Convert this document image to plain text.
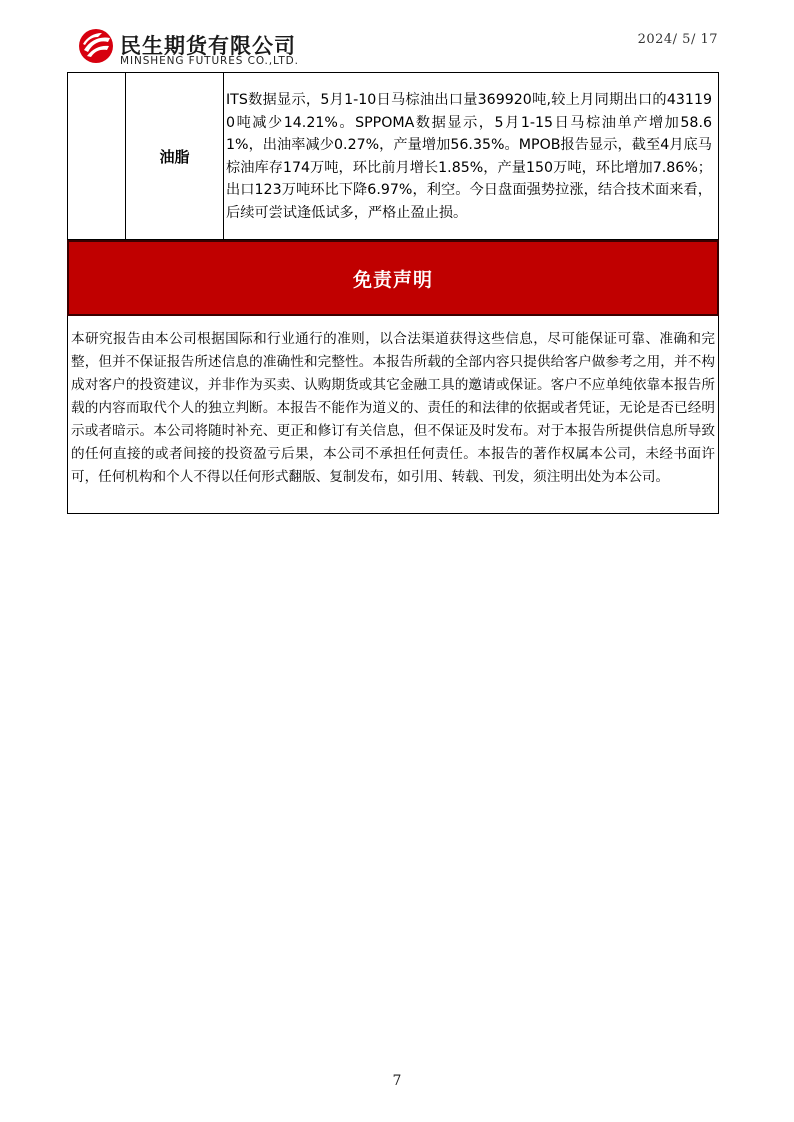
民生期货有限公司
MINSHENG FUTURES CO.,LTD.
2024/ 5/ 17
油脂

ITS数据显示，5月1-10日马棕油出口量369920吨,较上月同期出口的431190吨减少14.21%。SPPOMA数据显示，5月1-15日马棕油单产增加58.61%，出油率减少0.27%，产量增加56.35%。MPOB报告显示，截至4月底马棕油库存174万吨，环比前月增长1.85%，产量150万吨，环比增加7.86%；出口123万吨环比下降6.97%，利空。今日盘面强势拉涨，结合技术面来看，后续可尝试逢低试多，严格止盈止损。

免责声明

本研究报告由本公司根据国际和行业通行的准则，以合法渠道获得这些信息，尽可能保证可靠、准确和完整，但并不保证报告所述信息的准确性和完整性。本报告所载的全部内容只提供给客户做参考之用，并不构成对客户的投资建议，并非作为买卖、认购期货或其它金融工具的邀请或保证。客户不应单纯依靠本报告所载的内容而取代个人的独立判断。本报告不能作为道义的、责任的和法律的依据或者凭证，无论是否已经明示或者暗示。本公司将随时补充、更正和修订有关信息，但不保证及时发布。对于本报告所提供信息所导致的任何直接的或者间接的投资盈亏后果，本公司不承担任何责任。本报告的著作权属本公司，未经书面许可，任何机构和个人不得以任何形式翻版、复制发布，如引用、转载、刊发，须注明出处为本公司。

7
